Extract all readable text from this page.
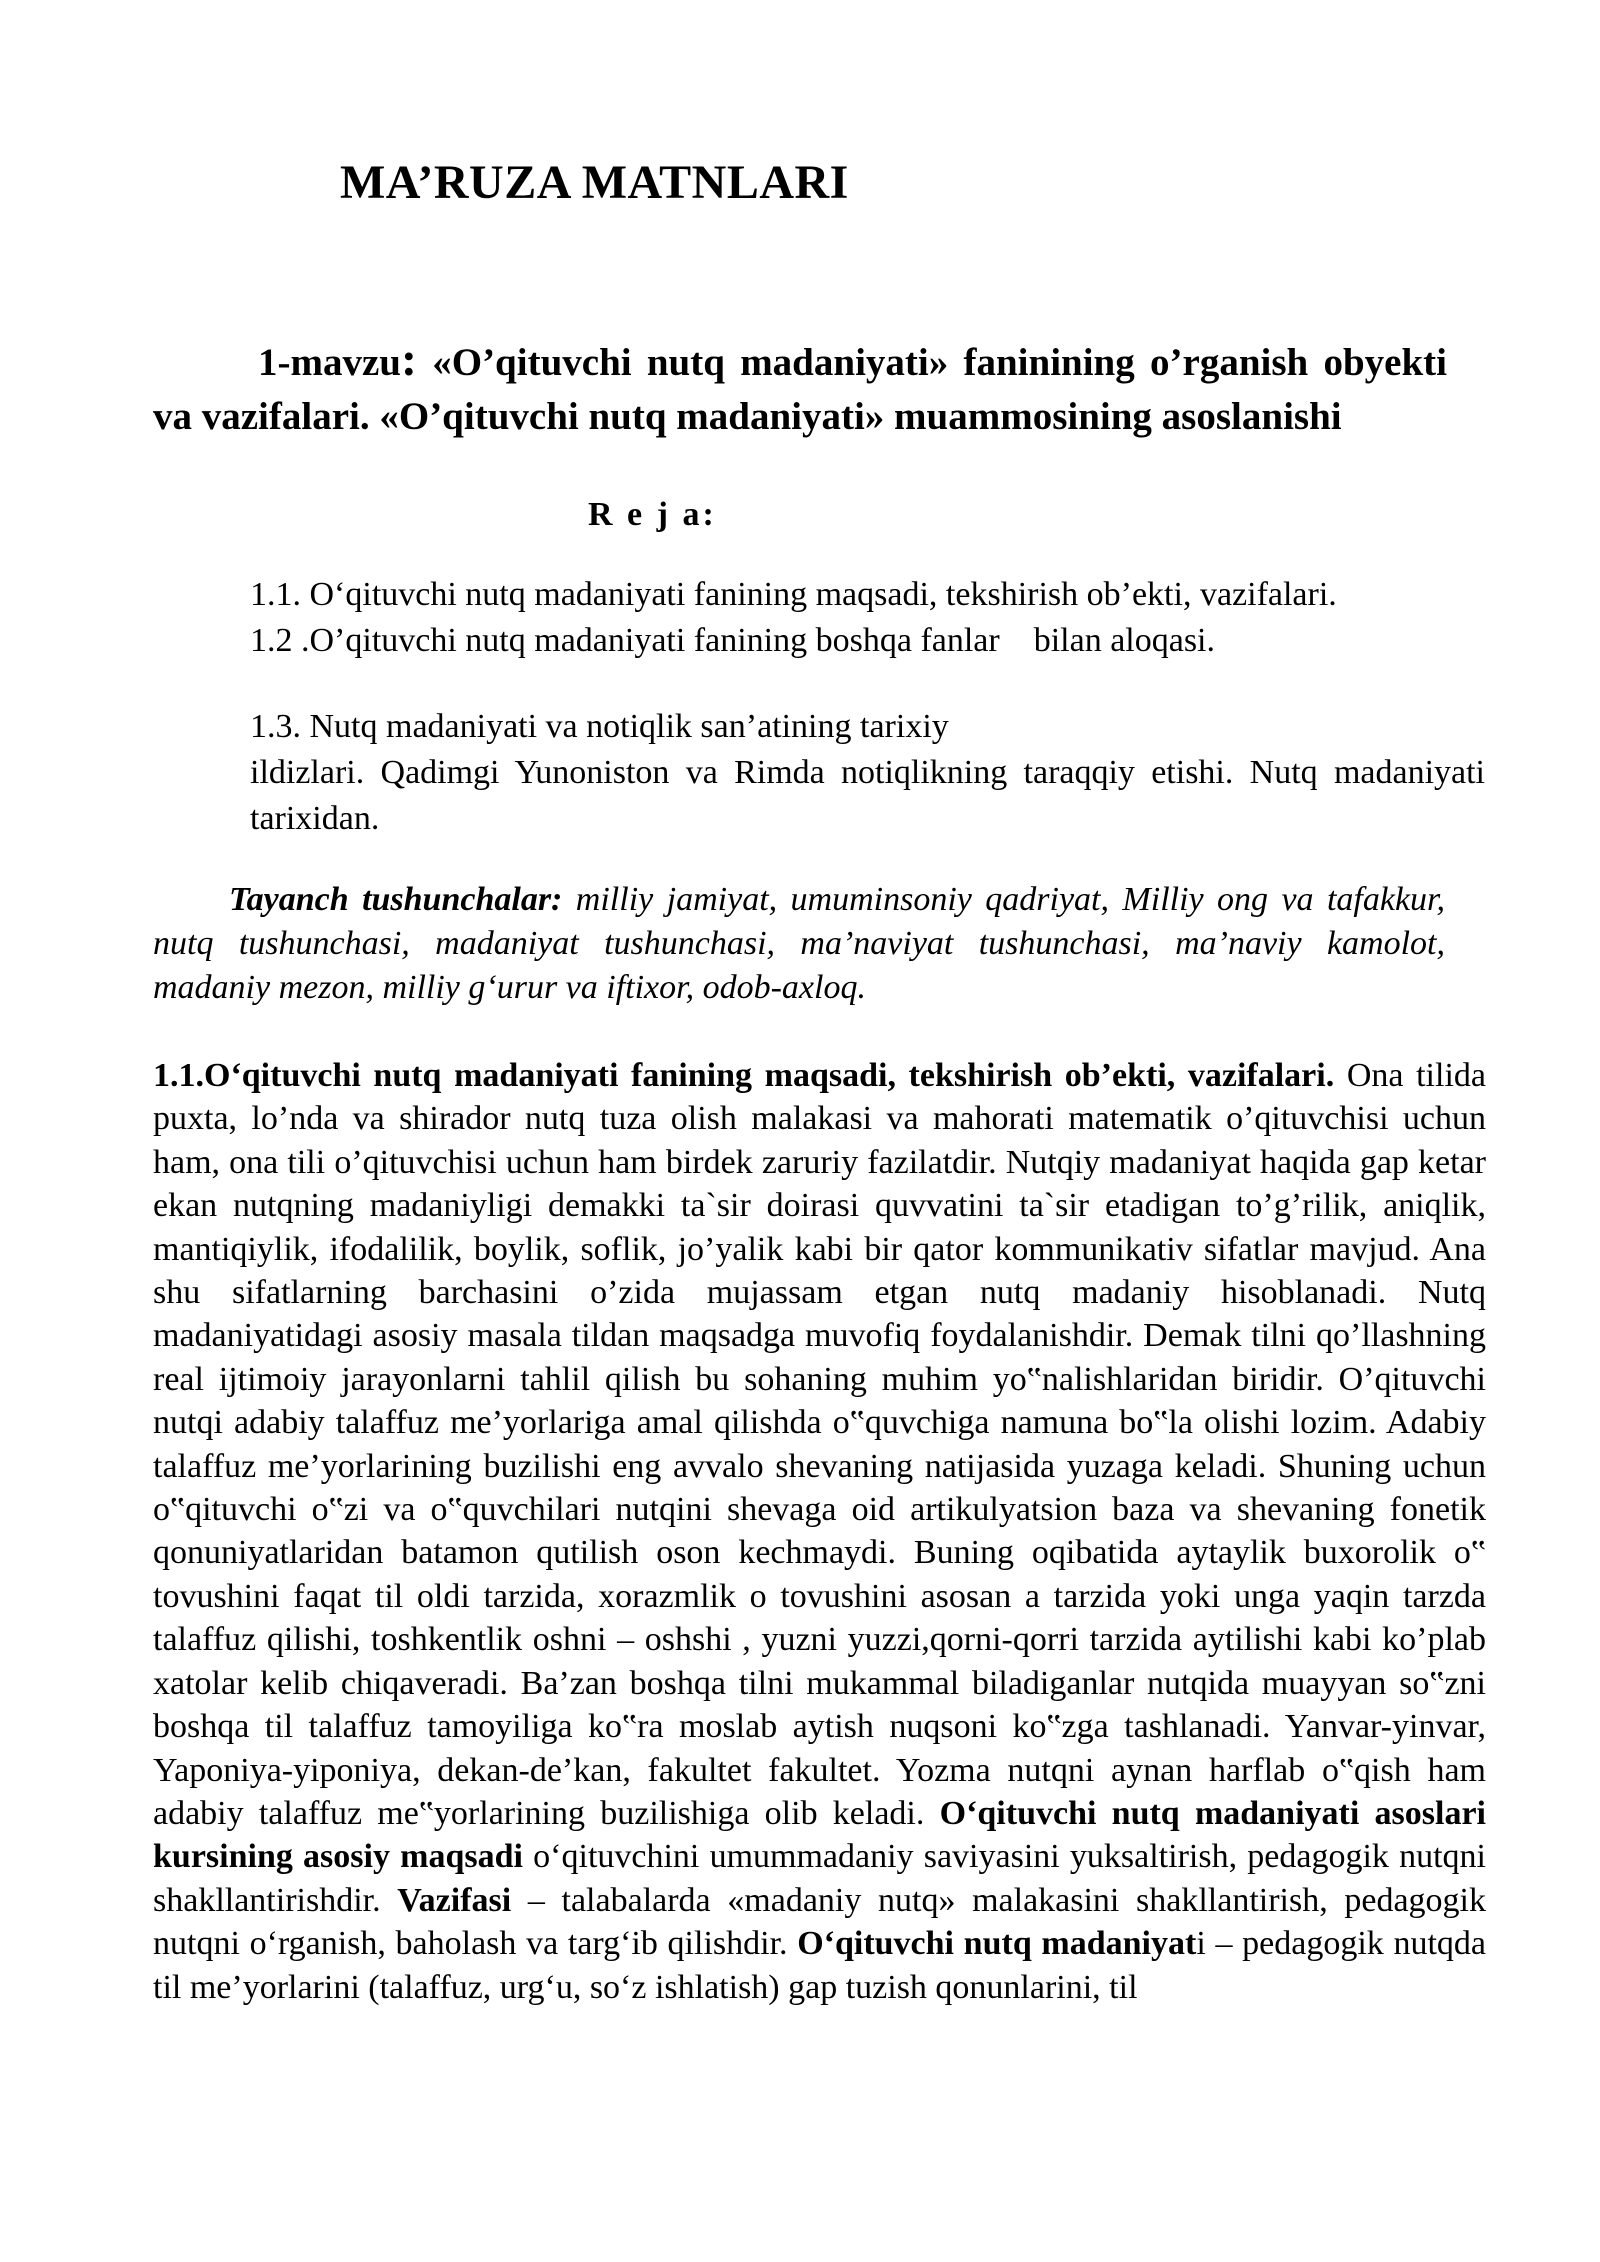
MA’RUZA MATNLARI

1-mavzu: «O’qituvchi nutq madaniyati» faninining o’rganish obyekti va vazifalari. «O’qituvchi nutq madaniyati» muammosining asoslanishi

R e j a:

1.1. O‘qituvchi nutq madaniyati fanining maqsadi, tekshirish ob’ekti, vazifalari.

1.2 .O’qituvchi nutq madaniyati fanining boshqa fanlar    bilan aloqasi.

1.3. Nutq madaniyati va notiqlik san’atining tarixiy
ildizlari. Qadimgi Yunoniston va Rimda notiqlikning taraqqiy etishi. Nutq madaniyati tarixidan.

Tayanch tushunchalar: milliy jamiyat, umuminsoniy qadriyat, Milliy ong va tafakkur, nutq tushunchasi, madaniyat tushunchasi, ma’naviyat tushunchasi, ma’naviy kamolot, madaniy mezon, milliy g‘urur va iftixor, odob-axloq.

1.1.O‘qituvchi nutq madaniyati fanining maqsadi, tekshirish ob’ekti, vazifalari. Ona tilida puxta, lo’nda va shirador nutq tuza olish malakasi va mahorati matematik o’qituvchisi uchun ham, ona tili o’qituvchisi uchun ham birdek zaruriy fazilatdir. Nutqiy madaniyat haqida gap ketar ekan nutqning madaniyligi demakki ta`sir doirasi quvvatini ta`sir etadigan to’g’rilik, aniqlik, mantiqiylik, ifodalilik, boylik, soflik, jo’yalik kabi bir qator kommunikativ sifatlar mavjud. Ana shu sifatlarning barchasini o’zida mujassam etgan nutq madaniy hisoblanadi. Nutq madaniyatidagi asosiy masala tildan maqsadga muvofiq foydalanishdir. Demak tilni qo’llashning real ijtimoiy jarayonlarni tahlil qilish bu sohaning muhim yo‟nalishlaridan biridir. O’qituvchi nutqi adabiy talaffuz me’yorlariga amal qilishda o‟quvchiga namuna bo‟la olishi lozim. Adabiy talaffuz me’yorlarining buzilishi eng avvalo shevaning natijasida yuzaga keladi. Shuning uchun o‟qituvchi o‟zi va o‟quvchilari nutqini shevaga oid artikulyatsion baza va shevaning fonetik qonuniyatlaridan batamon qutilish oson kechmaydi. Buning oqibatida aytaylik buxorolik o‟ tovushini faqat til oldi tarzida, xorazmlik o tovushini asosan a tarzida yoki unga yaqin tarzda talaffuz qilishi, toshkentlik oshni – oshshi , yuzni yuzzi,qorni-qorri tarzida aytilishi kabi ko’plab xatolar kelib chiqaveradi. Ba’zan boshqa tilni mukammal biladiganlar nutqida muayyan so‟zni boshqa til talaffuz tamoyiliga ko‟ra moslab aytish nuqsoni ko‟zga tashlanadi. Yanvar-yinvar, Yaponiya-yiponiya, dekan-de’kan, fakultet fakultet. Yozma nutqni aynan harflab o‟qish ham adabiy talaffuz me‟yorlarining buzilishiga olib keladi. O‘qituvchi nutq madaniyati asoslari kursining asosiy maqsadi o‘qituvchini umummadaniy saviyasini yuksaltirish, pedagogik nutqni shakllantirishdir. Vazifasi – talabalarda «madaniy nutq» malakasini shakllantirish, pedagogik nutqni o‘rganish, baholash va targ‘ib qilishdir. O‘qituvchi nutq madaniyati – pedagogik nutqda til me’yorlarini (talaffuz, urg‘u, so‘z ishlatish) gap tuzish qonunlarini, til
